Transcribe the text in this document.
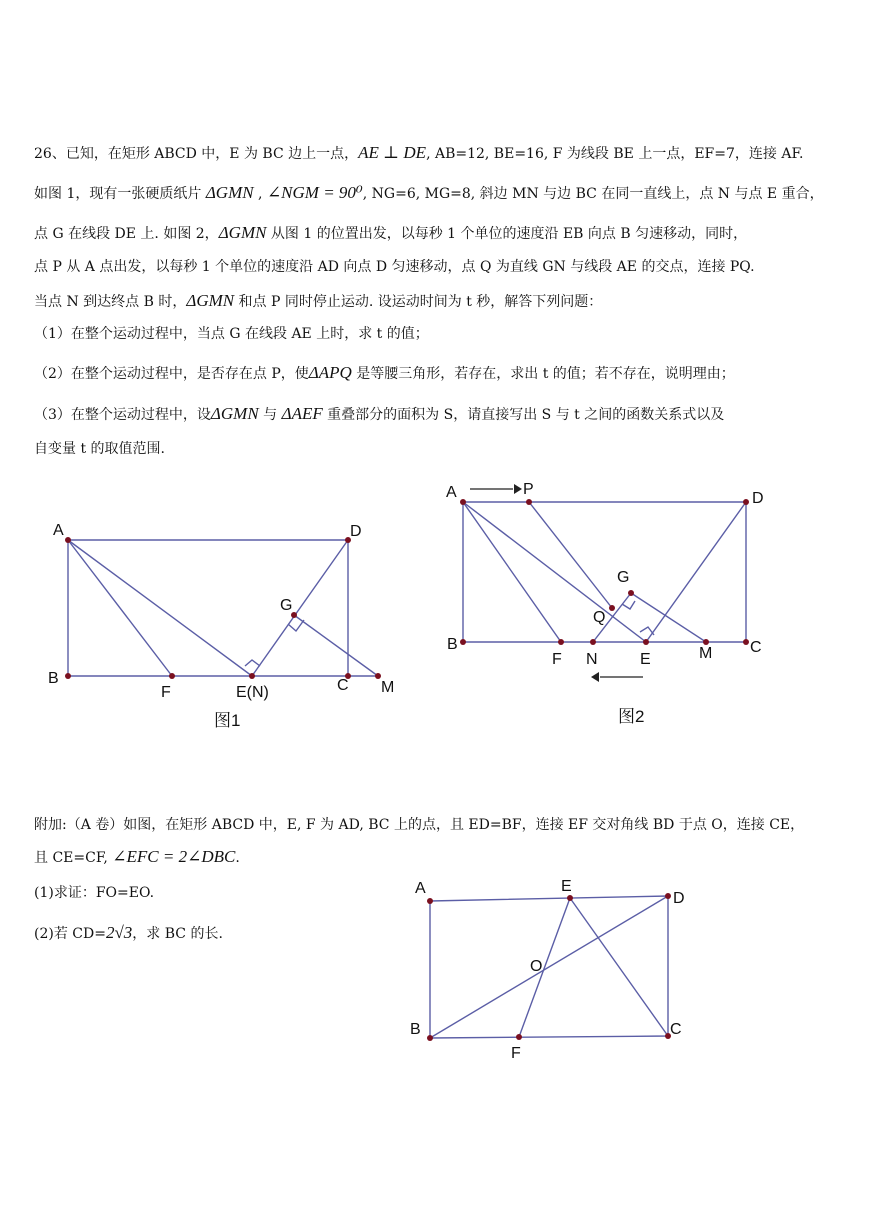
26、已知，在矩形 ABCD 中，E 为 BC 边上一点，AE ⊥ DE, AB=12, BE=16, F 为线段 BE 上一点，EF=7，连接 AF.
如图 1，现有一张硬质纸片 ΔGMN , ∠NGM = 90⁰, NG=6, MG=8, 斜边 MN 与边 BC 在同一直线上，点 N 与点 E 重合，
点 G 在线段 DE 上. 如图 2，ΔGMN 从图 1 的位置出发，以每秒 1 个单位的速度沿 EB 向点 B 匀速移动，同时，
点 P 从 A 点出发，以每秒 1 个单位的速度沿 AD 向点 D 匀速移动，点 Q 为直线 GN 与线段 AE 的交点，连接 PQ.
当点 N 到达终点 B 时，ΔGMN 和点 P 同时停止运动. 设运动时间为 t 秒，解答下列问题：
（1）在整个运动过程中，当点 G 在线段 AE 上时，求 t 的值；
（2）在整个运动过程中，是否存在点 P，使ΔAPQ 是等腰三角形，若存在，求出 t 的值；若不存在，说明理由；
（3）在整个运动过程中，设ΔGMN 与 ΔAEF 重叠部分的面积为 S，请直接写出 S 与 t 之间的函数关系式以及
自变量 t 的取值范围.
A	D
B
F	E(N)	C M
G
图1
A	P
D
G
Q
B
F N	E	M C
图2
A	E
D
O
B	C
F
附加:（A 卷）如图，在矩形 ABCD 中，E, F 为 AD, BC 上的点，且 ED=BF，连接 EF 交对角线 BD 于点 O，连接 CE，
且 CE=CF, ∠EFC = 2∠DBC.
(1)求证：FO=EO.
(2)若 CD=2√3，求 BC 的长.
